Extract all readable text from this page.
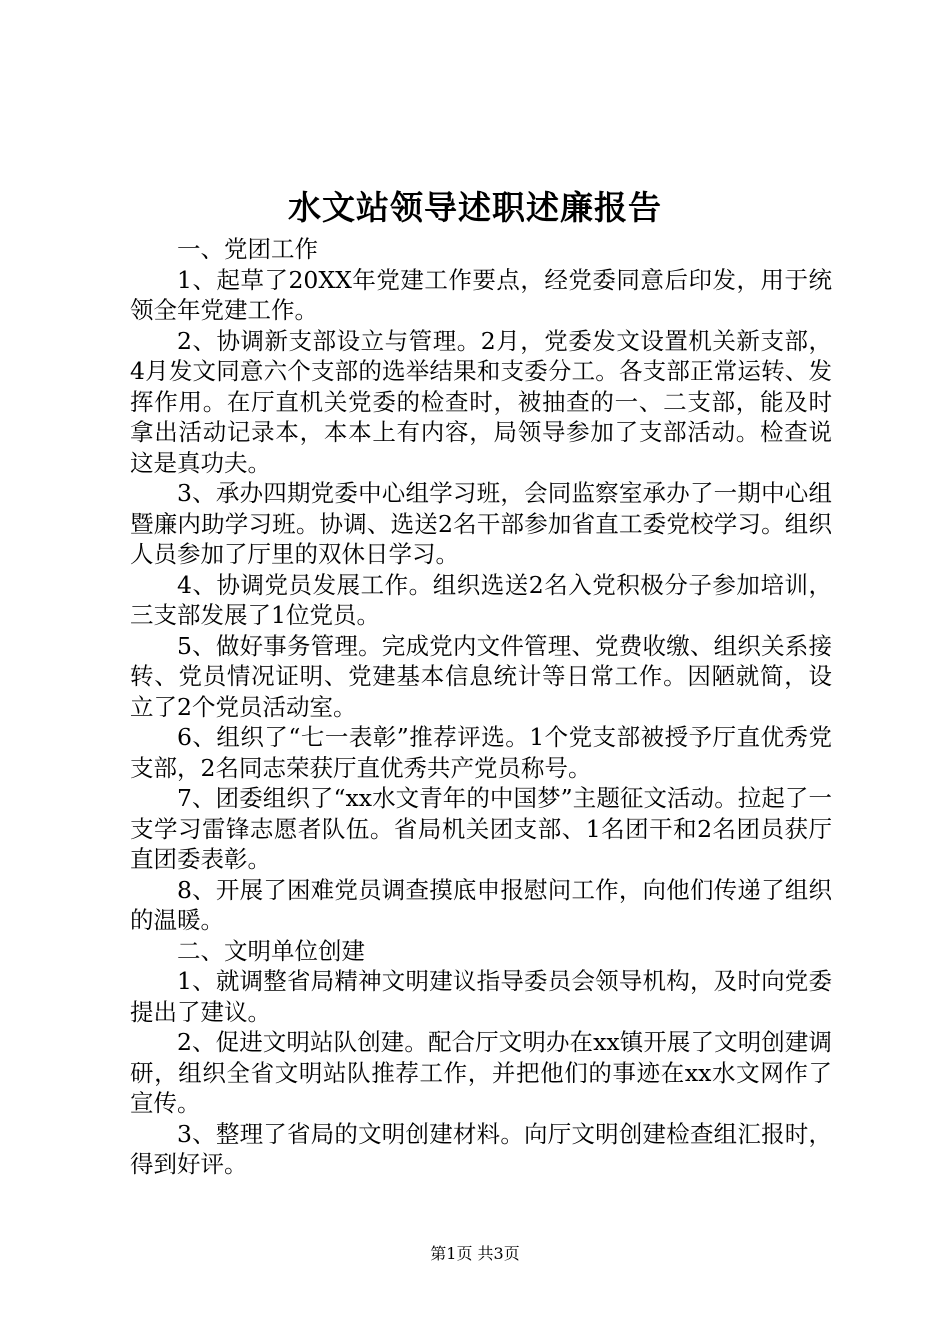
水文站领导述职述廉报告

一、党团工作

1、起草了20XX年党建工作要点，经党委同意后印发，用于统领全年党建工作。

2、协调新支部设立与管理。2月，党委发文设置机关新支部，4月发文同意六个支部的选举结果和支委分工。各支部正常运转、发挥作用。在厅直机关党委的检查时，被抽查的一、二支部，能及时拿出活动记录本，本本上有内容，局领导参加了支部活动。检查说这是真功夫。

3、承办四期党委中心组学习班，会同监察室承办了一期中心组暨廉内助学习班。协调、选送2名干部参加省直工委党校学习。组织人员参加了厅里的双休日学习。

4、协调党员发展工作。组织选送2名入党积极分子参加培训，三支部发展了1位党员。

5、做好事务管理。完成党内文件管理、党费收缴、组织关系接转、党员情况证明、党建基本信息统计等日常工作。因陋就简，设立了2个党员活动室。

6、组织了“七一表彰”推荐评选。1个党支部被授予厅直优秀党支部，2名同志荣获厅直优秀共产党员称号。

7、团委组织了“xx水文青年的中国梦”主题征文活动。拉起了一支学习雷锋志愿者队伍。省局机关团支部、1名团干和2名团员获厅直团委表彰。

8、开展了困难党员调查摸底申报慰问工作，向他们传递了组织的温暖。

二、文明单位创建

1、就调整省局精神文明建议指导委员会领导机构，及时向党委提出了建议。

2、促进文明站队创建。配合厅文明办在xx镇开展了文明创建调研，组织全省文明站队推荐工作，并把他们的事迹在xx水文网作了宣传。

3、整理了省局的文明创建材料。向厅文明创建检查组汇报时，得到好评。

第1页 共3页
